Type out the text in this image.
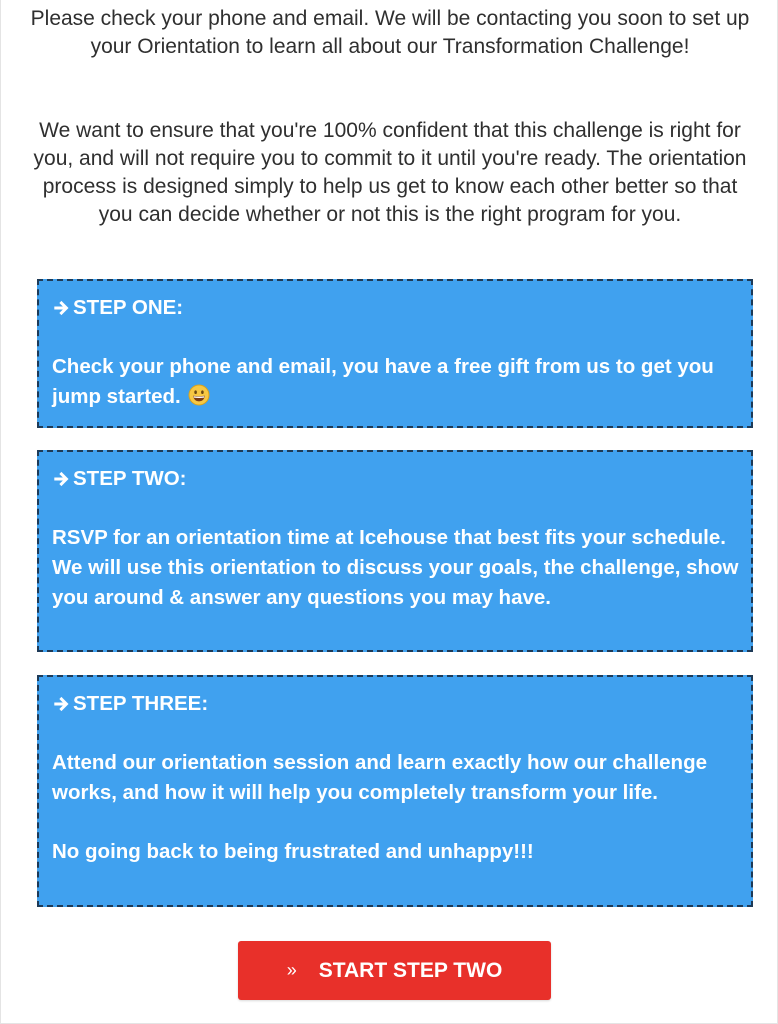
Please check your phone and email. We will be contacting you soon to set up your Orientation to learn all about our Transformation Challenge!

We want to ensure that you're 100% confident that this challenge is right for you, and will not require you to commit to it until you're ready. The orientation process is designed simply to help us get to know each other better so that you can decide whether or not this is the right program for you.

STEP ONE:

Check your phone and email, you have a free gift from us to get you jump started.

STEP TWO:

RSVP for an orientation time at Icehouse that best fits your schedule. We will use this orientation to discuss your goals, the challenge, show you around & answer any questions you may have.

STEP THREE:

Attend our orientation session and learn exactly how our challenge works, and how it will help you completely transform your life.

No going back to being frustrated and unhappy!!!

» START STEP TWO
